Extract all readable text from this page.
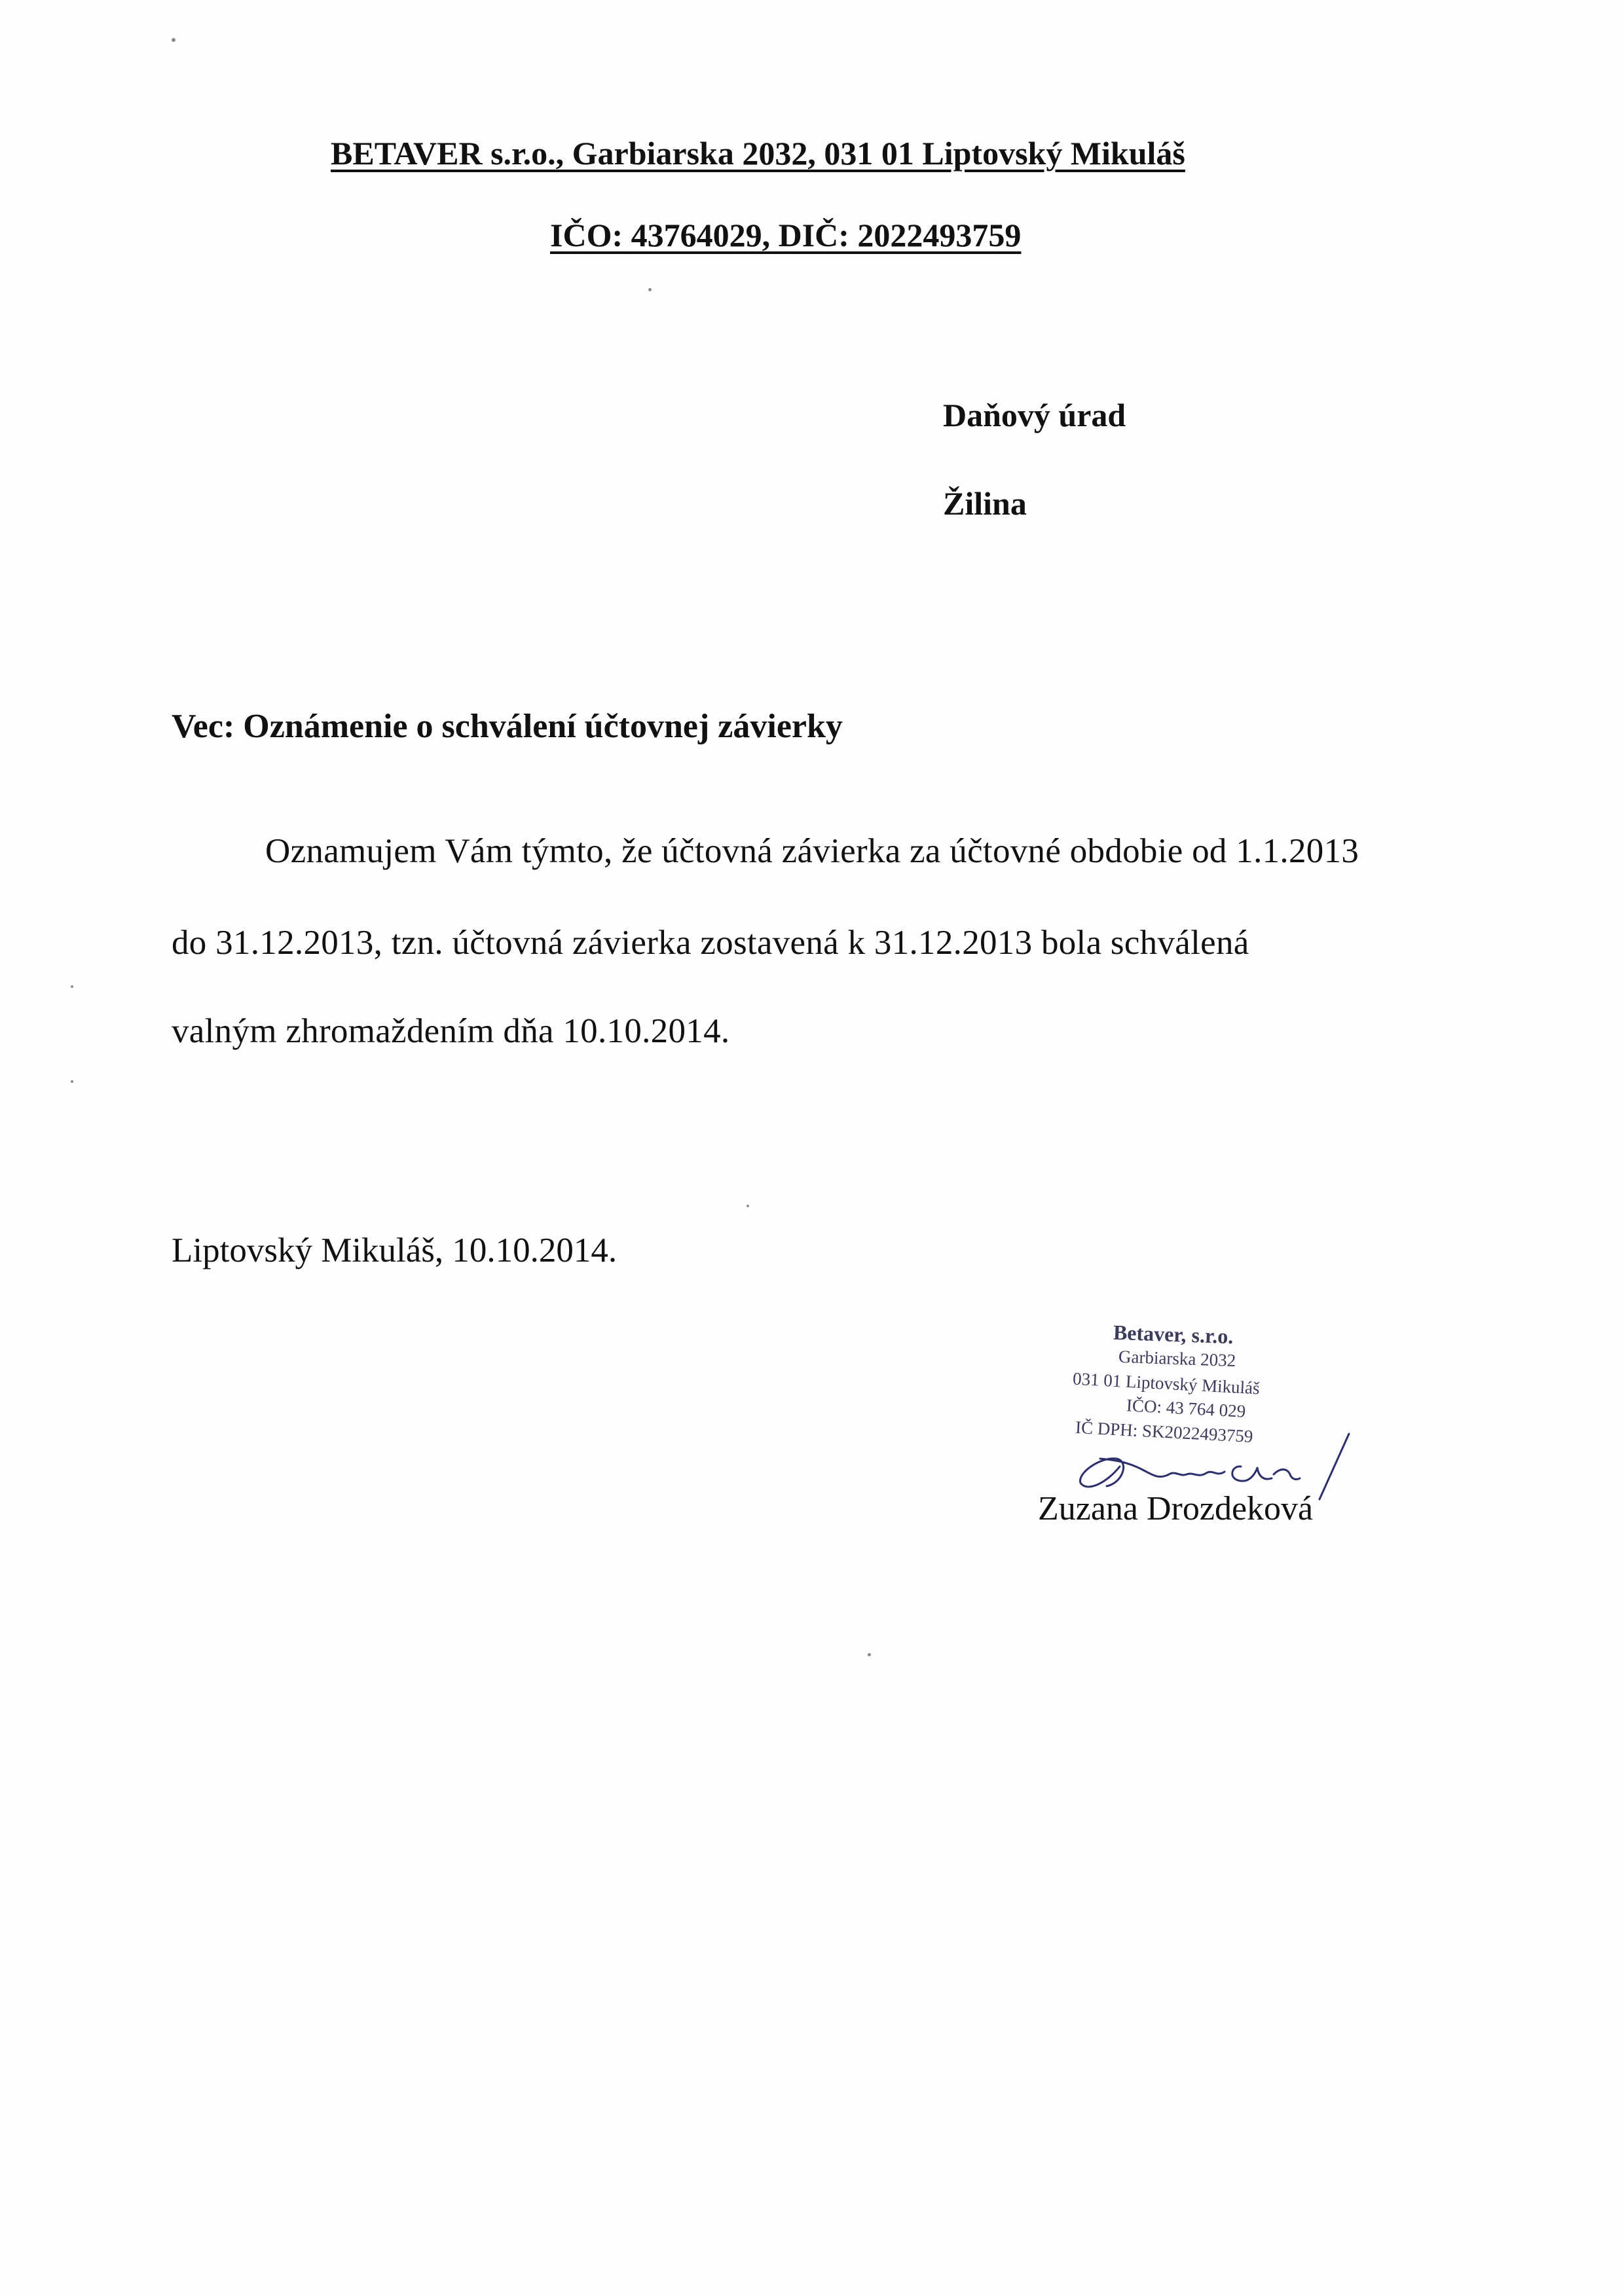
BETAVER s.r.o., Garbiarska 2032, 031 01 Liptovský Mikuláš
IČO: 43764029, DIČ: 2022493759
Daňový úrad
Žilina
Vec: Oznámenie o schválení účtovnej závierky
Oznamujem Vám týmto, že účtovná závierka za účtovné obdobie od 1.1.2013
do 31.12.2013, tzn. účtovná závierka zostavená k 31.12.2013 bola schválená
valným zhromaždením dňa 10.10.2014.
Liptovský Mikuláš, 10.10.2014.
Betaver, s.r.o.
Garbiarska 2032
031 01 Liptovský Mikuláš
IČO: 43 764 029
IČ DPH: SK2022493759
Zuzana Drozdeková
